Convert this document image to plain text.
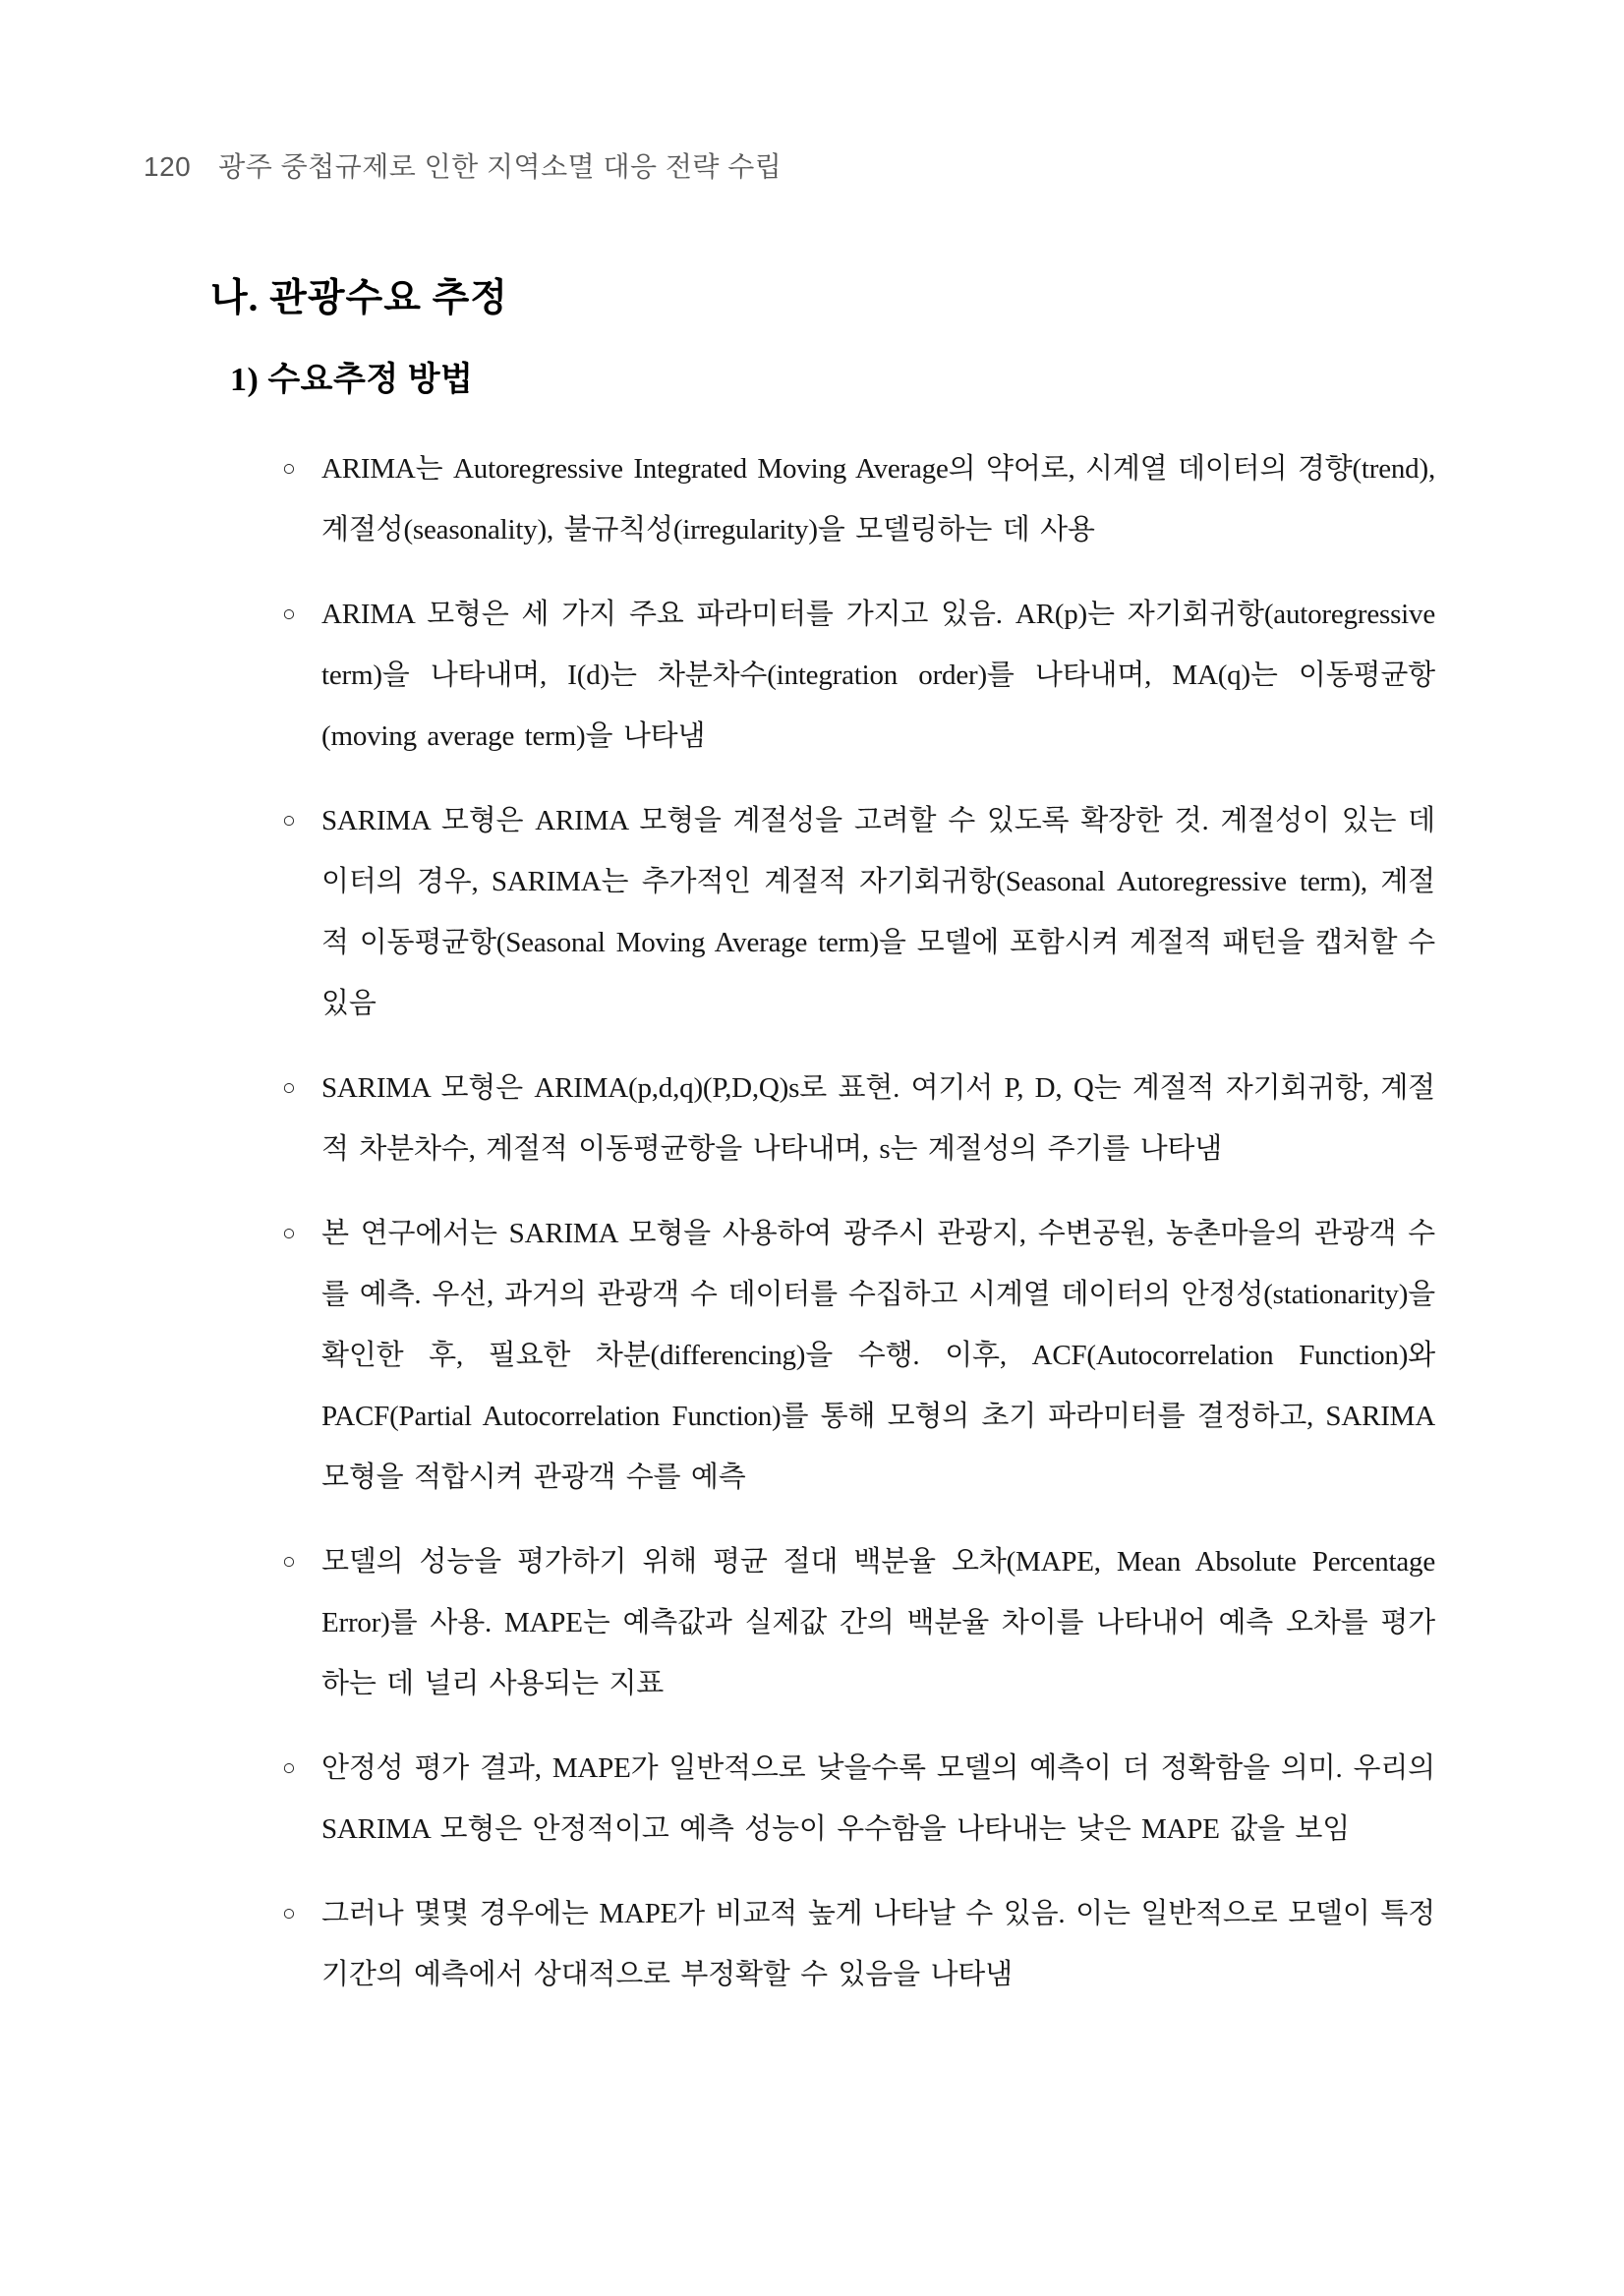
120 광주 중첩규제로 인한 지역소멸 대응 전략 수립
나. 관광수요 추정
1) 수요추정 방법
○ ARIMA는 Autoregressive Integrated Moving Average의 약어로, 시계열 데이터의 경향(trend), 계절성(seasonality), 불규칙성(irregularity)을 모델링하는 데 사용
○ ARIMA 모형은 세 가지 주요 파라미터를 가지고 있음. AR(p)는 자기회귀항(autoregressive term)을 나타내며, I(d)는 차분차수(integration order)를 나타내며, MA(q)는 이동평균항(moving average term)을 나타냄
○ SARIMA 모형은 ARIMA 모형을 계절성을 고려할 수 있도록 확장한 것. 계절성이 있는 데이터의 경우, SARIMA는 추가적인 계절적 자기회귀항(Seasonal Autoregressive term), 계절적 이동평균항(Seasonal Moving Average term)을 모델에 포함시켜 계절적 패턴을 캡처할 수 있음
○ SARIMA 모형은 ARIMA(p,d,q)(P,D,Q)s로 표현. 여기서 P, D, Q는 계절적 자기회귀항, 계절적 차분차수, 계절적 이동평균항을 나타내며, s는 계절성의 주기를 나타냄
○ 본 연구에서는 SARIMA 모형을 사용하여 광주시 관광지, 수변공원, 농촌마을의 관광객 수를 예측. 우선, 과거의 관광객 수 데이터를 수집하고 시계열 데이터의 안정성(stationarity)을 확인한 후, 필요한 차분(differencing)을 수행. 이후, ACF(Autocorrelation Function)와 PACF(Partial Autocorrelation Function)를 통해 모형의 초기 파라미터를 결정하고, SARIMA 모형을 적합시켜 관광객 수를 예측
○ 모델의 성능을 평가하기 위해 평균 절대 백분율 오차(MAPE, Mean Absolute Percentage Error)를 사용. MAPE는 예측값과 실제값 간의 백분율 차이를 나타내어 예측 오차를 평가하는 데 널리 사용되는 지표
○ 안정성 평가 결과, MAPE가 일반적으로 낮을수록 모델의 예측이 더 정확함을 의미. 우리의 SARIMA 모형은 안정적이고 예측 성능이 우수함을 나타내는 낮은 MAPE 값을 보임
○ 그러나 몇몇 경우에는 MAPE가 비교적 높게 나타날 수 있음. 이는 일반적으로 모델이 특정 기간의 예측에서 상대적으로 부정확할 수 있음을 나타냄
